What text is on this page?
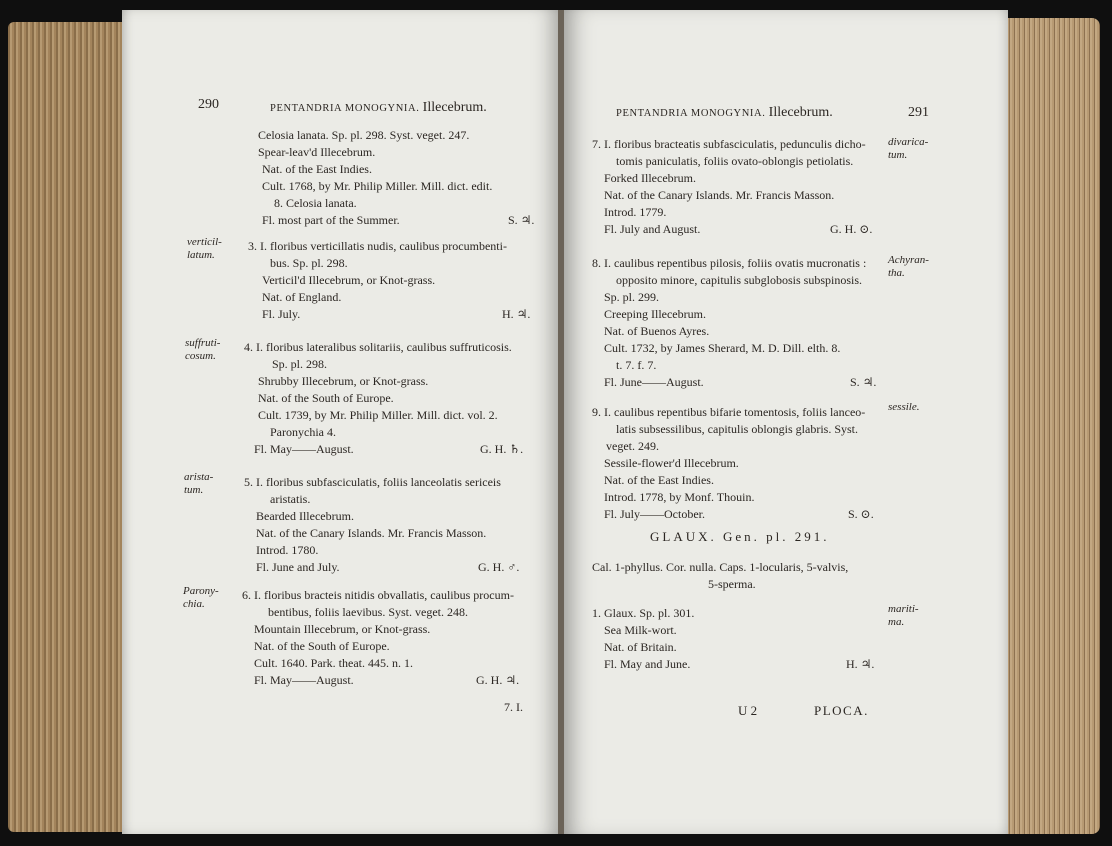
290	PENTANDRIA MONOGYNIA. Illecebrum.	PENTANDRIA MONOGYNIA. Illecebrum.	291
Celosia lanata. Sp. pl. 298. Syst. veget. 247.
Spear-leav'd Illecebrum.
Nat. of the East Indies.
Cult. 1768, by Mr. Philip Miller. Mill. dict. edit.
8. Celosia lanata.
Fl. most part of the Summer.	S. ♃.
3. I. floribus verticillatis nudis, caulibus procumbenti-
bus. Sp. pl. 298.
Verticil'd Illecebrum, or Knot-grass.
Nat. of England.
Fl. July.	H. ♃.
4. I. floribus lateralibus solitariis, caulibus suffruticosis.
Sp. pl. 298.
Shrubby Illecebrum, or Knot-grass.
Nat. of the South of Europe.
Cult. 1739, by Mr. Philip Miller. Mill. dict. vol. 2.
Paronychia 4.
Fl. May——August.	G. H. ♄.
5. I. floribus subfasciculatis, foliis lanceolatis sericeis
aristatis.
Bearded Illecebrum.
Nat. of the Canary Islands. Mr. Francis Masson.
Introd. 1780.
Fl. June and July.	G. H. ♂.
6. I. floribus bracteis nitidis obvallatis, caulibus procum-
bentibus, foliis laevibus. Syst. veget. 248.
Mountain Illecebrum, or Knot-grass.
Nat. of the South of Europe.
Cult. 1640. Park. theat. 445. n. 1.
Fl. May——August.	G. H. ♃.
7. I.
verticil-
latum.
suffruti-
cosum.
arista-
tum.
Parony-
chia.
7. I. floribus bracteatis subfasciculatis, pedunculis dicho-
tomis paniculatis, foliis ovato-oblongis petiolatis.
Forked Illecebrum.
Nat. of the Canary Islands. Mr. Francis Masson.
Introd. 1779.
Fl. July and August.	G. H. ⊙.
8. I. caulibus repentibus pilosis, foliis ovatis mucronatis :
opposito minore, capitulis subglobosis subspinosis.
Sp. pl. 299.
Creeping Illecebrum.
Nat. of Buenos Ayres.
Cult. 1732, by James Sherard, M. D. Dill. elth. 8.
t. 7. f. 7.
Fl. June——August.	S. ♃.
9. I. caulibus repentibus bifarie tomentosis, foliis lanceo-
latis subsessilibus, capitulis oblongis glabris. Syst.
veget. 249.
Sessile-flower'd Illecebrum.
Nat. of the East Indies.
Introd. 1778, by Monf. Thouin.
Fl. July——October.	S. ⊙.
Cal. 1-phyllus. Cor. nulla. Caps. 1-locularis, 5-valvis,
5-sperma.
1. Glaux. Sp. pl. 301.
Sea Milk-wort.
Nat. of Britain.
Fl. May and June.	H. ♃.
divarica-
tum.
Achyran-
tha.
sessile.
mariti-
ma.
GLAUX. Gen. pl. 291.
U 2	PLOCA.
